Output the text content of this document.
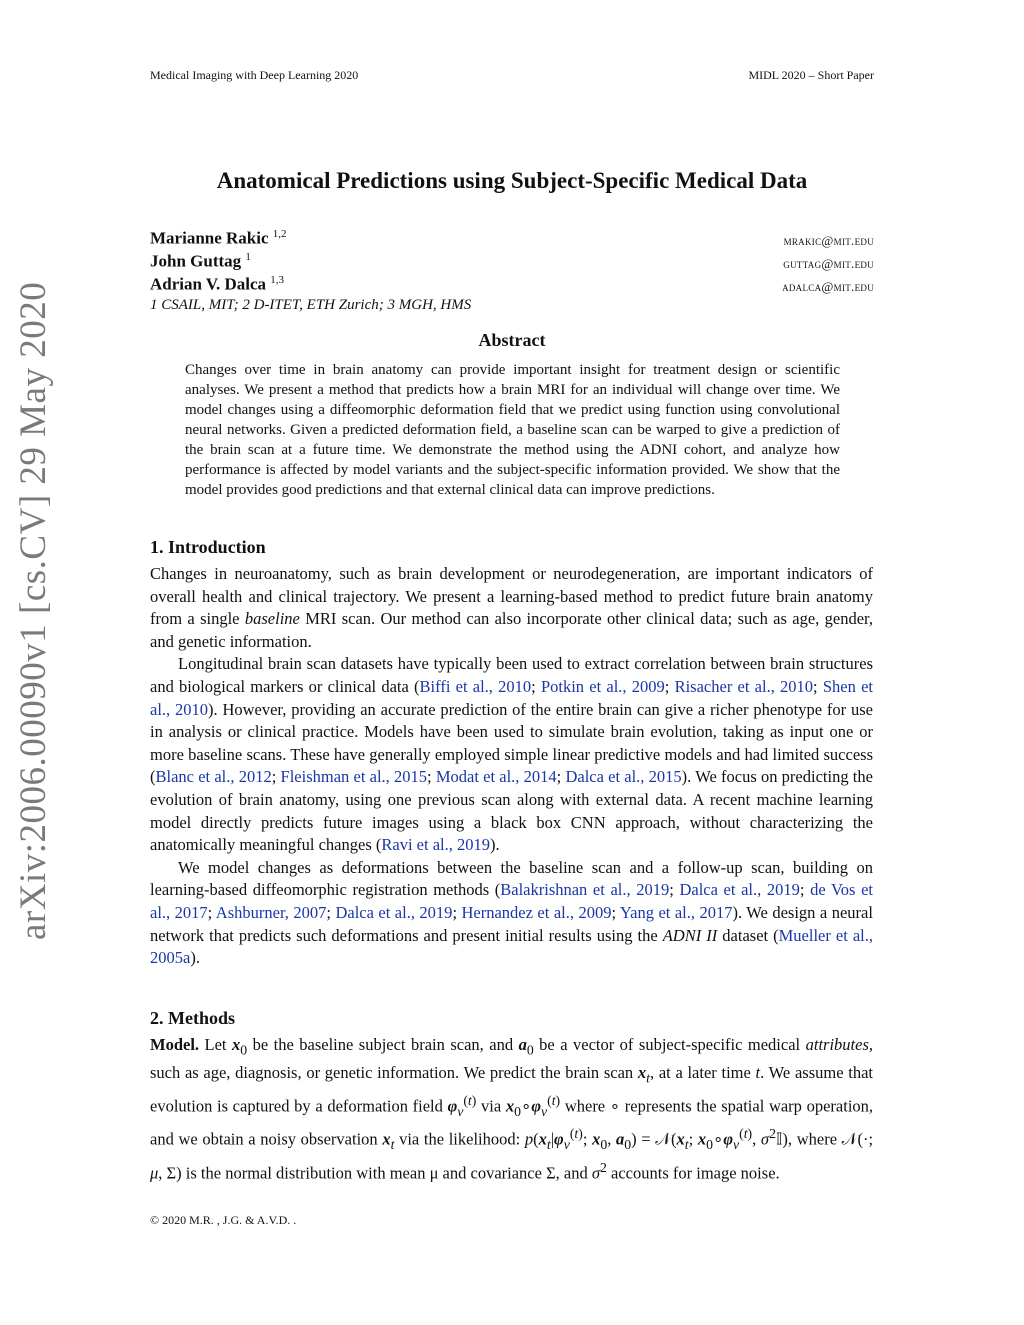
Medical Imaging with Deep Learning 2020	MIDL 2020 – Short Paper
arXiv:2006.00090v1 [cs.CV] 29 May 2020
Anatomical Predictions using Subject-Specific Medical Data
Marianne Rakic $^{1,2}$	mrakic@mit.edu
John Guttag $^1$	guttag@mit.edu
Adrian V. Dalca $^{1,3}$	adalca@mit.edu
1 CSAIL, MIT; 2 D-ITET, ETH Zurich; 3 MGH, HMS
Abstract
Changes over time in brain anatomy can provide important insight for treatment design or scientific analyses. We present a method that predicts how a brain MRI for an individual will change over time. We model changes using a diffeomorphic deformation field that we predict using function using convolutional neural networks. Given a predicted deformation field, a baseline scan can be warped to give a prediction of the brain scan at a future time. We demonstrate the method using the ADNI cohort, and analyze how performance is affected by model variants and the subject-specific information provided. We show that the model provides good predictions and that external clinical data can improve predictions.
1. Introduction

Changes in neuroanatomy, such as brain development or neurodegeneration, are important indicators of overall health and clinical trajectory. We present a learning-based method to predict future brain anatomy from a single baseline MRI scan. Our method can also incorporate other clinical data; such as age, gender, and genetic information.

Longitudinal brain scan datasets have typically been used to extract correlation between brain structures and biological markers or clinical data (Biffi et al., 2010; Potkin et al., 2009; Risacher et al., 2010; Shen et al., 2010). However, providing an accurate prediction of the entire brain can give a richer phenotype for use in analysis or clinical practice. Models have been used to simulate brain evolution, taking as input one or more baseline scans. These have generally employed simple linear predictive models and had limited success (Blanc et al., 2012; Fleishman et al., 2015; Modat et al., 2014; Dalca et al., 2015). We focus on predicting the evolution of brain anatomy, using one previous scan along with external data. A recent machine learning model directly predicts future images using a black box CNN approach, without characterizing the anatomically meaningful changes (Ravi et al., 2019).

We model changes as deformations between the baseline scan and a follow-up scan, building on learning-based diffeomorphic registration methods (Balakrishnan et al., 2019; Dalca et al., 2019; de Vos et al., 2017; Ashburner, 2007; Dalca et al., 2019; Hernandez et al., 2009; Yang et al., 2017). We design a neural network that predicts such deformations and present initial results using the ADNI II dataset (Mueller et al., 2005a).

2. Methods

Model. Let $x_0$ be the baseline subject brain scan, and $a_0$ be a vector of subject-specific medical attributes, such as age, diagnosis, or genetic information. We predict the brain scan $x_t$, at a later time t. We assume that evolution is captured by a deformation field $\varphi_v^{(t)}$ via $x_0\circ\varphi_v^{(t)}$ where ∘ represents the spatial warp operation, and we obtain a noisy observation $x_t$ via the likelihood: $p(x_t|\varphi_v^{(t)}$; $x_0$, $a_0$) = $𝒩(x_t$; $x_0\circ\varphi_v^{(t)}$, $\sigma^2𝕀$), where 𝒩(·; μ, Σ) is the normal distribution with mean μ and covariance Σ, and $\sigma^2$ accounts for image noise.

© 2020 M.R. , J.G. & A.V.D. .
